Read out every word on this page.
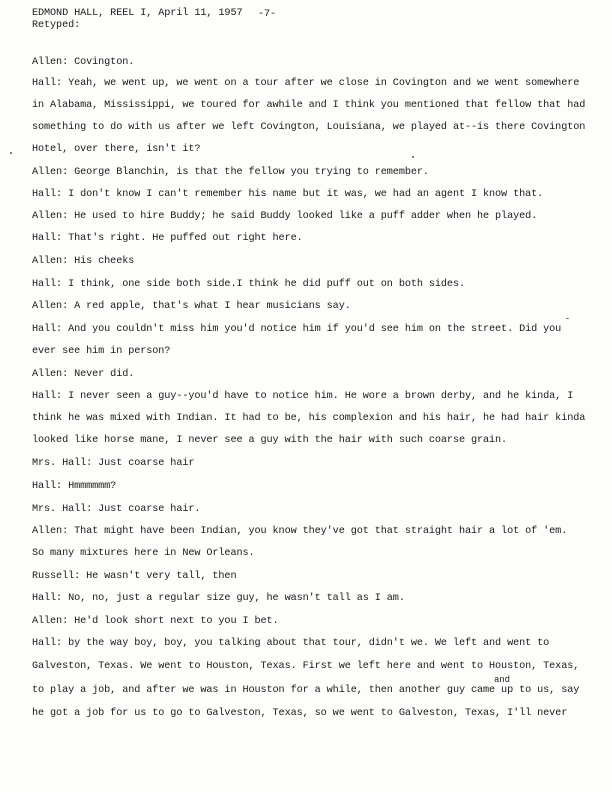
EDMOND HALL, REEL I, April 11, 1957 -7-
Retyped:
Allen: Covington.
Hall: Yeah, we went up, we went on a tour after we close in Covington and we went somewhere
in Alabama, Mississippi, we toured for awhile and I think you mentioned that fellow that had
something to do with us after we left Covington, Louisiana, we played at--is there Covington
Hotel, over there, isn't it?
Allen: George Blanchin, is that the fellow you trying to remember.
Hall: I don't know I can't remember his name but it was, we had an agent I know that.
Allen: He used to hire Buddy; he said Buddy looked like a puff adder when he played.
Hall: That's right. He puffed out right here.
Allen: His cheeks
Hall: I think, one side both side.I think he did puff out on both sides.
Allen: A red apple, that's what I hear musicians say.
Hall: And you couldn't miss him you'd notice him if you'd see him on the street. Did you
ever see him in person?
Allen: Never did.
Hall: I never seen a guy--you'd have to notice him. He wore a brown derby, and he kinda, I
think he was mixed with Indian. It had to be, his complexion and his hair, he had hair kinda
looked like horse mane, I never see a guy with the hair with such coarse grain.
Mrs. Hall: Just coarse hair
Hall: Hmmmmmm?
Mrs. Hall: Just coarse hair.
Allen: That might have been Indian, you know they've got that straight hair a lot of 'em.
So many mixtures here in New Orleans.
Russell: He wasn't very tall, then
Hall: No, no, just a regular size guy, he wasn't tall as I am.
Allen: He'd look short next to you I bet.
Hall: by the way boy, boy, you talking about that tour, didn't we. We left and went to
Galveston, Texas. We went to Houston, Texas. First we left here and went to Houston, Texas,
to play a job, and after we was in Houston for a while, then another guy came up to us, say
he got a job for us to go to Galveston, Texas, so we went to Galveston, Texas, I'll never
and
